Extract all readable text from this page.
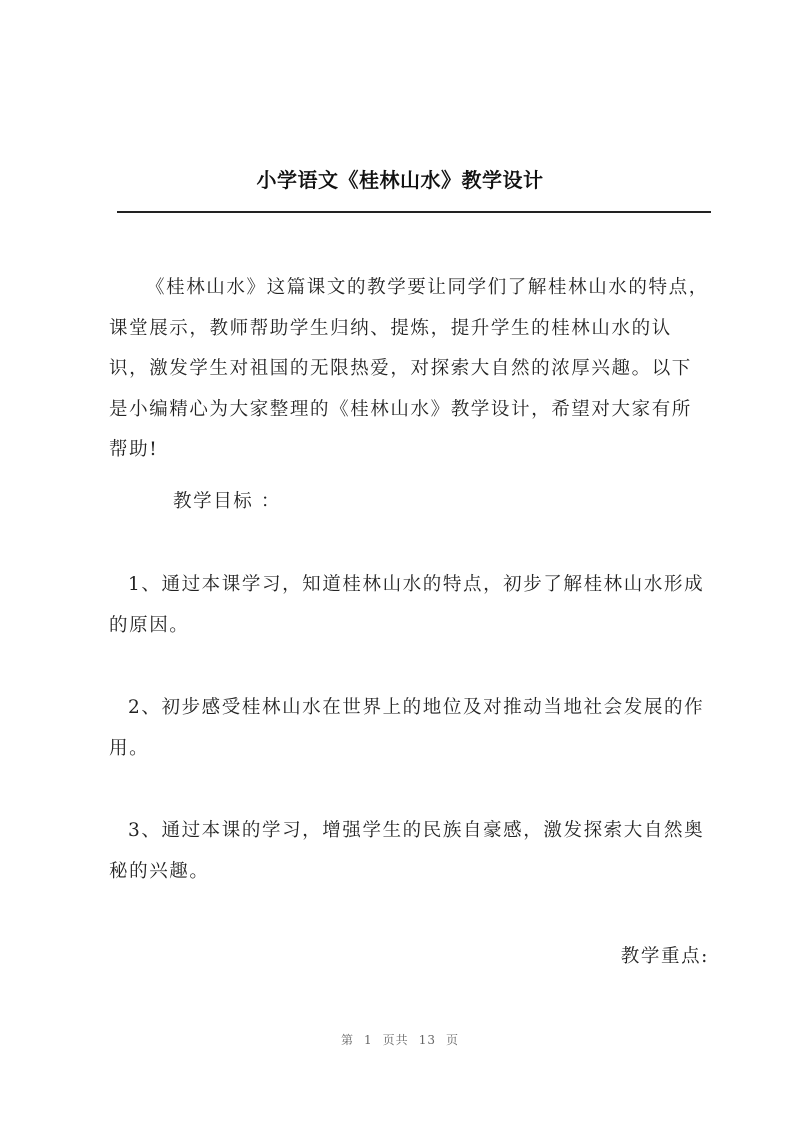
小学语文《桂林山水》教学设计

《桂林山水》这篇课文的教学要让同学们了解桂林山水的特点，课堂展示，教师帮助学生归纳、提炼，提升学生的桂林山水的认识，激发学生对祖国的无限热爱，对探索大自然的浓厚兴趣。以下是小编精心为大家整理的《桂林山水》教学设计，希望对大家有所帮助!

教学目标 ：

1、通过本课学习，知道桂林山水的特点，初步了解桂林山水形成的原因。

2、初步感受桂林山水在世界上的地位及对推动当地社会发展的作用。

3、通过本课的学习，增强学生的民族自豪感，激发探索大自然奥秘的兴趣。

教学重点:

第 1 页共 13 页
